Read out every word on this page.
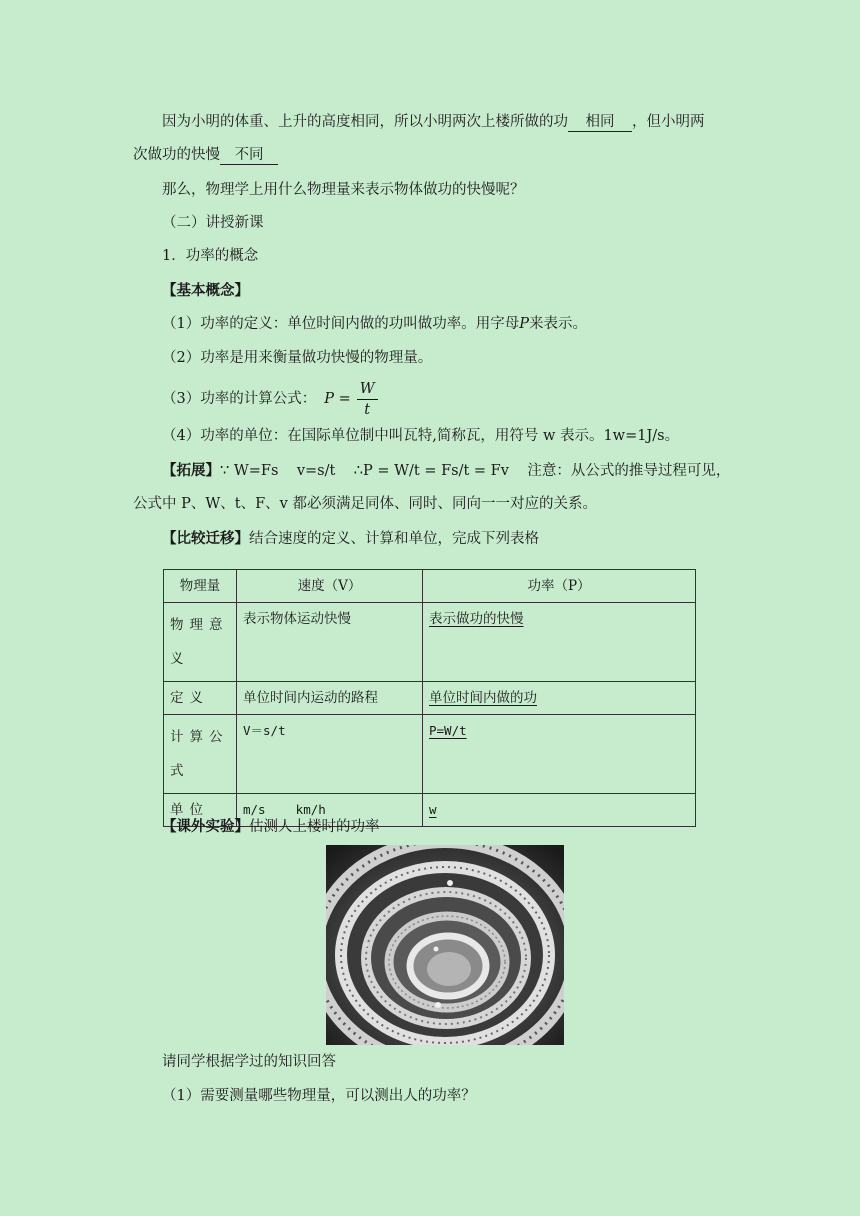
因为小明的体重、上升的高度相同，所以小明两次上楼所做的功 相同 ，但小明两
次做功的快慢 不同
那么，物理学上用什么物理量来表示物体做功的快慢呢？
（二）讲授新课
1．功率的概念
【基本概念】
（1）功率的定义：单位时间内做的功叫做功率。用字母P来表示。
（2）功率是用来衡量做功快慢的物理量。
（3）功率的计算公式： $P = \frac{W}{t}$
（4）功率的单位：在国际单位制中叫瓦特,简称瓦，用符号 w 表示。1w=1J/s。
【拓展】∵ W=Fs    v=s/t    ∴P = W/t = Fs/t = Fv    注意：从公式的推导过程可见，
公式中 P、W、t、F、v 都必须满足同体、同时、同向一一对应的关系。
【比较迁移】结合速度的定义、计算和单位，完成下列表格
物理量	速度（V）	功率（P）
物理意义	表示物体运动快慢	表示做功的快慢
定义	单位时间内运动的路程	单位时间内做的功
计算公式	V＝s/t	P=W/t
单位	m/s    km/h	w
【课外实验】估测人上楼时的功率
请同学根据学过的知识回答
（1）需要测量哪些物理量，可以测出人的功率？
